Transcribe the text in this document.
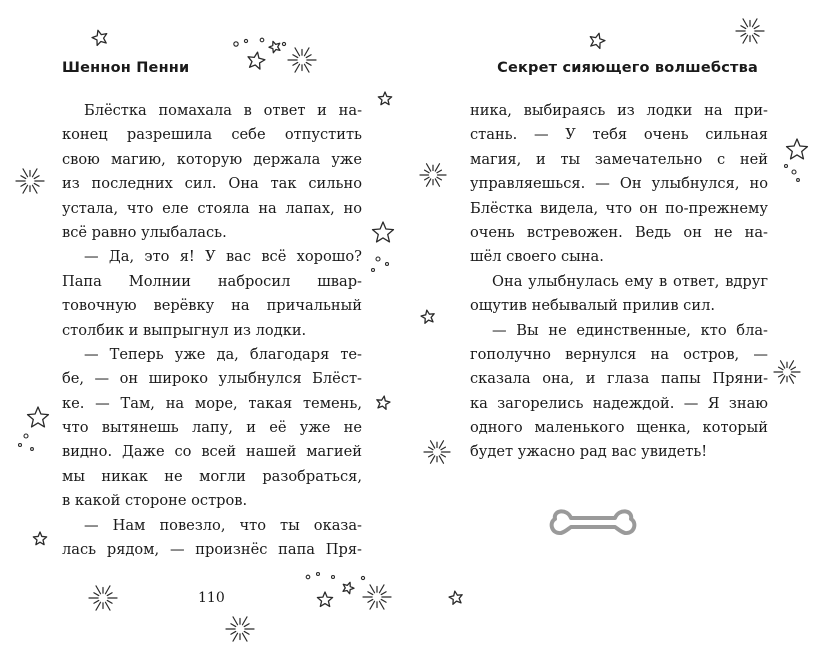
Шеннон Пенни
Блёстка помахала в ответ и на-
конец разрешила себе отпустить
свою магию, которую держала уже
из последних сил. Она так сильно
устала, что еле стояла на лапах, но
всё равно улыбалась.
— Да, это я! У вас всё хорошо?
Папа Молнии набросил швар-
товочную верёвку на причальный
столбик и выпрыгнул из лодки.
— Теперь уже да, благодаря те-
бе, — он широко улыбнулся Блёст-
ке. — Там, на море, такая темень,
что вытянешь лапу, и её уже не
видно. Даже со всей нашей магией
мы никак не могли разобраться,
в какой стороне остров.
— Нам повезло, что ты оказа-
лась рядом, — произнёс папа Пря-
110
Секрет сияющего волшебства
ника, выбираясь из лодки на при-
стань. — У тебя очень сильная
магия, и ты замечательно с ней
управляешься. — Он улыбнулся, но
Блёстка видела, что он по-прежнему
очень встревожен. Ведь он не на-
шёл своего сына.
Она улыбнулась ему в ответ, вдруг
ощутив небывалый прилив сил.
— Вы не единственные, кто бла-
гополучно вернулся на остров, —
сказала она, и глаза папы Пряни-
ка загорелись надеждой. — Я знаю
одного маленького щенка, который
будет ужасно рад вас увидеть!
